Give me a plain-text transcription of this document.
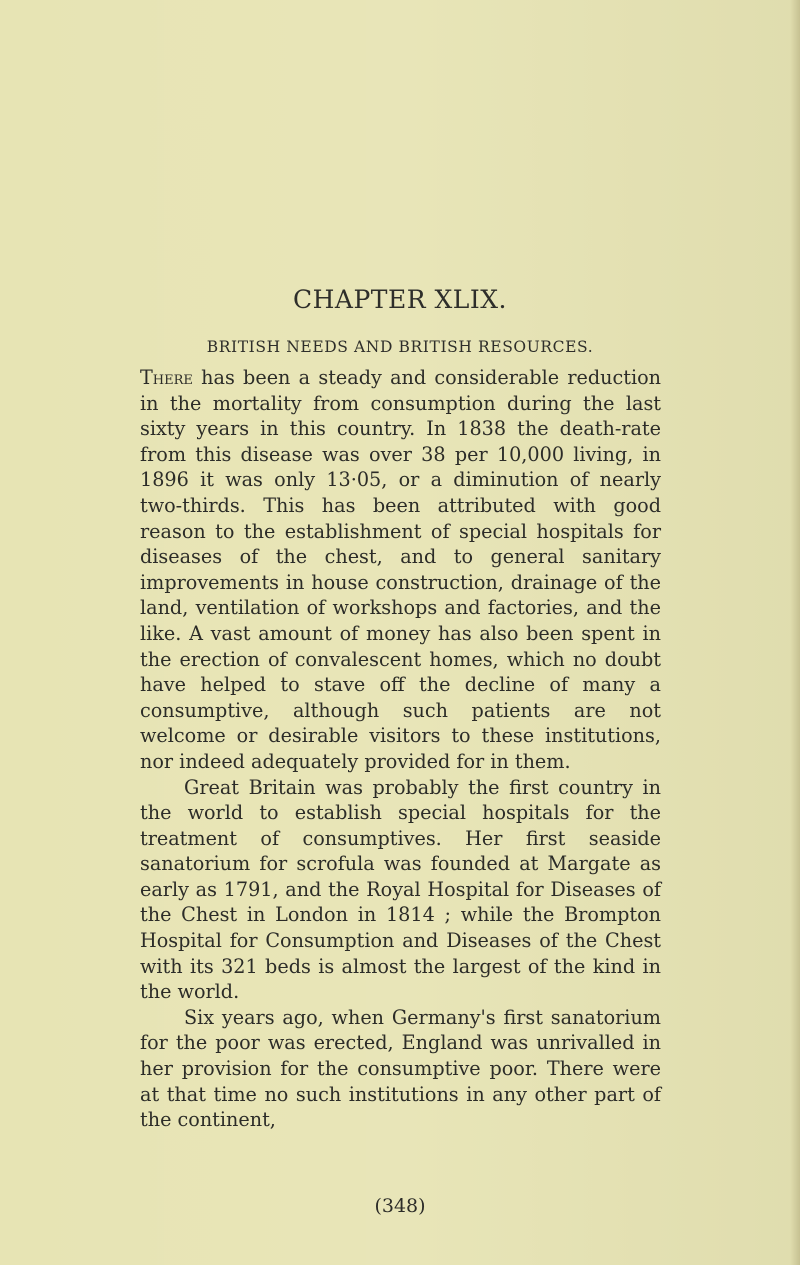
CHAPTER XLIX.
BRITISH NEEDS AND BRITISH RESOURCES.

There has been a steady and considerable reduction in the mortality from consumption during the last sixty years in this country. In 1838 the death-rate from this disease was over 38 per 10,000 living, in 1896 it was only 13·05, or a diminution of nearly two-thirds. This has been attributed with good reason to the establishment of special hospitals for diseases of the chest, and to general sanitary improvements in house construction, drainage of the land, ventilation of workshops and factories, and the like. A vast amount of money has also been spent in the erection of convalescent homes, which no doubt have helped to stave off the decline of many a consumptive, although such patients are not welcome or desirable visitors to these institutions, nor indeed adequately provided for in them.

Great Britain was probably the first country in the world to establish special hospitals for the treatment of consumptives. Her first seaside sanatorium for scrofula was founded at Margate as early as 1791, and the Royal Hospital for Diseases of the Chest in London in 1814 ; while the Brompton Hospital for Consumption and Diseases of the Chest with its 321 beds is almost the largest of the kind in the world.

Six years ago, when Germany's first sanatorium for the poor was erected, England was unrivalled in her provision for the consumptive poor. There were at that time no such institutions in any other part of the continent,

(348)
